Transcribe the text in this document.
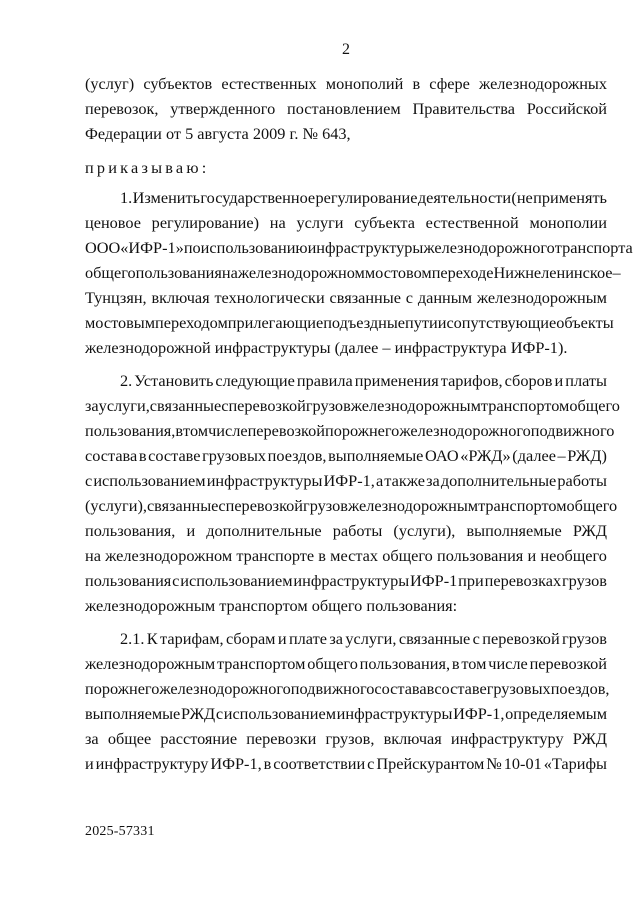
2
(услуг) субъектов естественных монополий в сфере железнодорожных
перевозок, утвержденного постановлением Правительства Российской
Федерации от 5 августа 2009 г. № 643,
приказываю:
1. Изменить государственное регулирование деятельности (не применять
ценовое регулирование) на услуги субъекта естественной монополии
ООО «ИФР-1» по использованию инфраструктуры железнодорожного транспорта
общего пользования на железнодорожном мостовом переходе Нижнеленинское –
Тунцзян, включая технологически связанные с данным железнодорожным
мостовым переходом прилегающие подъездные пути и сопутствующие объекты
железнодорожной инфраструктуры (далее – инфраструктура ИФР-1).
2. Установить следующие правила применения тарифов, сборов и платы
за услуги, связанные с перевозкой грузов железнодорожным транспортом общего
пользования, в том числе перевозкой порожнего железнодорожного подвижного
состава в составе грузовых поездов, выполняемые ОАО «РЖД» (далее – РЖД)
с использованием инфраструктуры ИФР-1, а также за дополнительные работы
(услуги), связанные с перевозкой грузов железнодорожным транспортом общего
пользования, и дополнительные работы (услуги), выполняемые РЖД
на железнодорожном транспорте в местах общего пользования и необщего
пользования с использованием инфраструктуры ИФР-1 при перевозках грузов
железнодорожным транспортом общего пользования:
2.1. К тарифам, сборам и плате за услуги, связанные с перевозкой грузов
железнодорожным транспортом общего пользования, в том числе перевозкой
порожнего железнодорожного подвижного состава в составе грузовых поездов,
выполняемые РЖД с использованием инфраструктуры ИФР-1, определяемым
за общее расстояние перевозки грузов, включая инфраструктуру РЖД
и инфраструктуру ИФР-1, в соответствии с Прейскурантом № 10-01 «Тарифы
2025-57331
